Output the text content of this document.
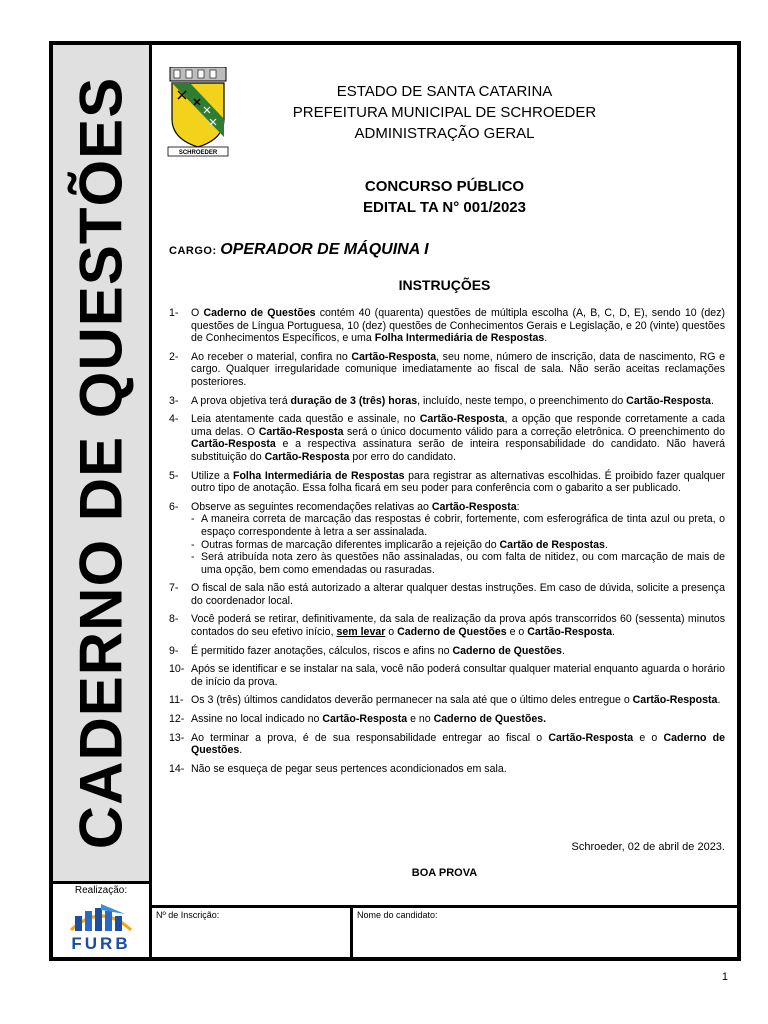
CADERNO DE QUESTÕES
Realização:
FURB
SCHROEDER
ESTADO DE SANTA CATARINA
PREFEITURA MUNICIPAL DE SCHROEDER
ADMINISTRAÇÃO GERAL
CONCURSO PÚBLICO
EDITAL TA N° 001/2023
CARGO: OPERADOR DE MÁQUINA I
INSTRUÇÕES
1- O Caderno de Questões contém 40 (quarenta) questões de múltipla escolha (A, B, C, D, E), sendo 10 (dez) questões de Língua Portuguesa, 10 (dez) questões de Conhecimentos Gerais e Legislação, e 20 (vinte) questões de Conhecimentos Específicos, e uma Folha Intermediária de Respostas.
2- Ao receber o material, confira no Cartão-Resposta, seu nome, número de inscrição, data de nascimento, RG e cargo. Qualquer irregularidade comunique imediatamente ao fiscal de sala. Não serão aceitas reclamações posteriores.
3- A prova objetiva terá duração de 3 (três) horas, incluído, neste tempo, o preenchimento do Cartão-Resposta.
4- Leia atentamente cada questão e assinale, no Cartão-Resposta, a opção que responde corretamente a cada uma delas. O Cartão-Resposta será o único documento válido para a correção eletrônica. O preenchimento do Cartão-Resposta e a respectiva assinatura serão de inteira responsabilidade do candidato. Não haverá substituição do Cartão-Resposta por erro do candidato.
5- Utilize a Folha Intermediária de Respostas para registrar as alternativas escolhidas. É proibido fazer qualquer outro tipo de anotação. Essa folha ficará em seu poder para conferência com o gabarito a ser publicado.
6- Observe as seguintes recomendações relativas ao Cartão-Resposta:
- A maneira correta de marcação das respostas é cobrir, fortemente, com esferográfica de tinta azul ou preta, o espaço correspondente à letra a ser assinalada.
- Outras formas de marcação diferentes implicarão a rejeição do Cartão de Respostas.
- Será atribuída nota zero às questões não assinaladas, ou com falta de nitidez, ou com marcação de mais de uma opção, bem como emendadas ou rasuradas.
7- O fiscal de sala não está autorizado a alterar qualquer destas instruções. Em caso de dúvida, solicite a presença do coordenador local.
8- Você poderá se retirar, definitivamente, da sala de realização da prova após transcorridos 60 (sessenta) minutos contados do seu efetivo início, sem levar o Caderno de Questões e o Cartão-Resposta.
9- É permitido fazer anotações, cálculos, riscos e afins no Caderno de Questões.
10- Após se identificar e se instalar na sala, você não poderá consultar qualquer material enquanto aguarda o horário de início da prova.
11- Os 3 (três) últimos candidatos deverão permanecer na sala até que o último deles entregue o Cartão-Resposta.
12- Assine no local indicado no Cartão-Resposta e no Caderno de Questões.
13- Ao terminar a prova, é de sua responsabilidade entregar ao fiscal o Cartão-Resposta e o Caderno de Questões.
14- Não se esqueça de pegar seus pertences acondicionados em sala.
Schroeder, 02 de abril de 2023.
BOA PROVA
Nº de Inscrição:	Nome do candidato:
1
